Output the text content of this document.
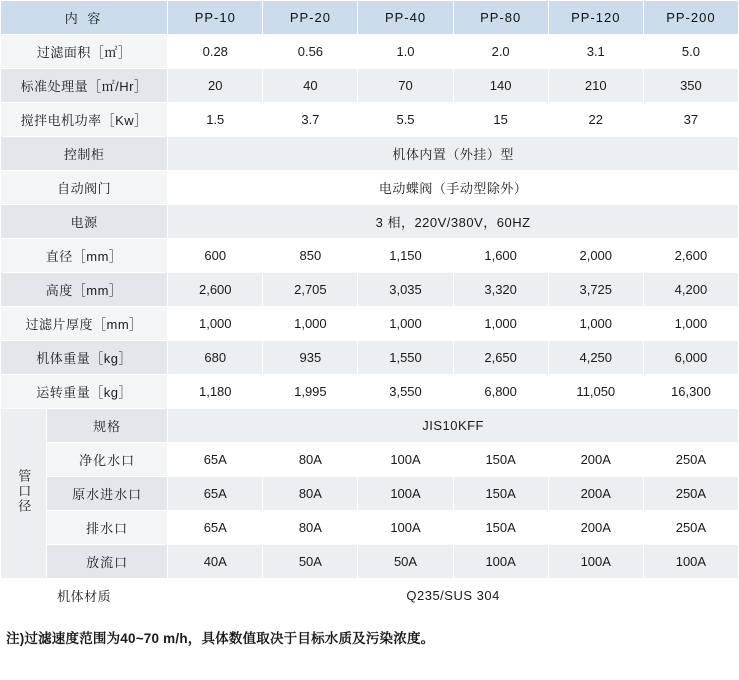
内 容		PP-10	PP-20	PP-40	PP-80	PP-120	PP-200
过滤面积［㎡］		0.28	0.56	1.0	2.0	3.1	5.0
标准处理量［㎡/Hr］		20	40	70	140	210	350
搅拌电机功率［Kw］		1.5	3.7	5.5	15	22	37
控制柜		机体内置（外挂）型					
自动阀门		电动蝶阀（手动型除外）					
电源		3 相，220V/380V，60HZ					
直径［mm］		600	850	1,150	1,600	2,000	2,600
高度［mm］		2,600	2,705	3,035	3,320	3,725	4,200
过滤片厚度［mm］		1,000	1,000	1,000	1,000	1,000	1,000
机体重量［kg］		680	935	1,550	2,650	4,250	6,000
运转重量［kg］		1,180	1,995	3,550	6,800	11,050	16,300
管口径	规格	JIS10KFF					
	净化水口	65A	80A	100A	150A	200A	250A
	原水进水口	65A	80A	100A	150A	200A	250A
	排水口	65A	80A	100A	150A	200A	250A
	放流口	40A	50A	50A	100A	100A	100A
机体材质		Q235/SUS 304					
注)过滤速度范围为40~70 m/h，具体数值取决于目标水质及污染浓度。
